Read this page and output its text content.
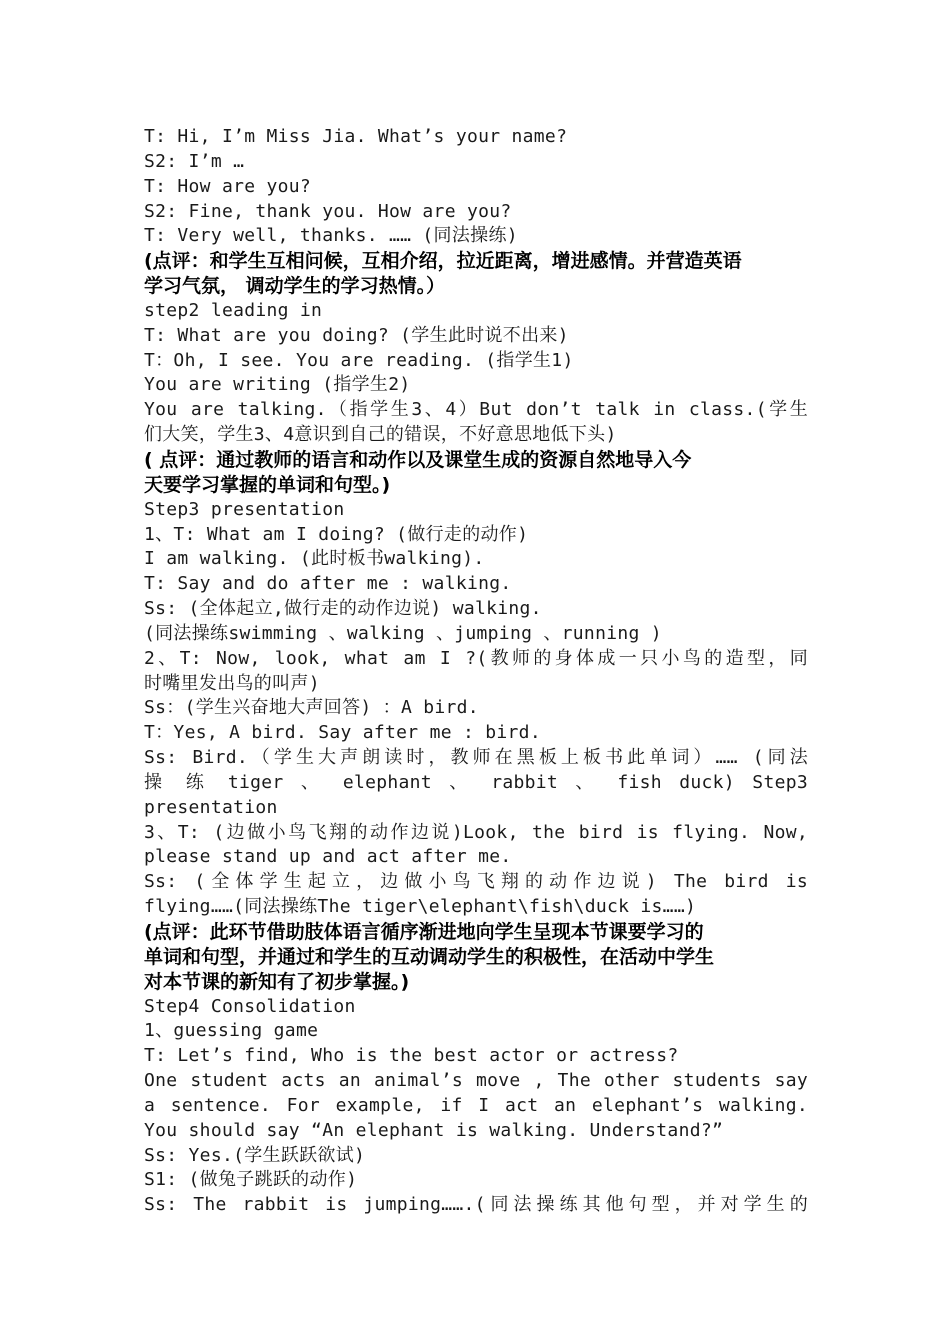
T: Hi, I’m Miss Jia. What’s your name?
S2: I’m …
T: How are you?
S2: Fine, thank you. How are you?
T: Very well, thanks. …… (同法操练)
(点评：和学生互相问候，互相介绍，拉近距离，增进感情。并营造英语
学习气氛， 调动学生的学习热情。）
step2 leading in
T: What are you doing? (学生此时说不出来)
T：Oh, I see. You are reading. (指学生1)
You are writing (指学生2)
You are talking.（指学生3、4）But don’t talk in class.(学生
们大笑，学生3、4意识到自己的错误，不好意思地低下头)
( 点评：通过教师的语言和动作以及课堂生成的资源自然地导入今
天要学习掌握的单词和句型。)
Step3 presentation
1、T: What am I doing? (做行走的动作)
I am walking. (此时板书walking).
T: Say and do after me : walking.
Ss: (全体起立,做行走的动作边说) walking.
(同法操练swimming 、walking 、jumping 、running )
2、T: Now, look, what am I ?(教师的身体成一只小鸟的造型，同
时嘴里发出鸟的叫声)
Ss：(学生兴奋地大声回答) ：A bird.
T：Yes, A bird. Say after me : bird.
Ss: Bird.（学生大声朗读时，教师在黑板上板书此单词）…… (同法
操 练 tiger 、 elephant 、 rabbit 、 fish duck) Step3
presentation
3、T: (边做小鸟飞翔的动作边说)Look, the bird is flying. Now,
please stand up and act after me.
Ss: (全体学生起立，边做小鸟飞翔的动作边说) The bird is
flying……(同法操练The tiger\elephant\fish\duck is……)
(点评：此环节借助肢体语言循序渐进地向学生呈现本节课要学习的
单词和句型，并通过和学生的互动调动学生的积极性，在活动中学生
对本节课的新知有了初步掌握。)
Step4 Consolidation
1、guessing game
T: Let’s find, Who is the best actor or actress?
One student acts an animal’s move , The other students say
a sentence. For example, if I act an elephant’s walking.
You should say “An elephant is walking. Understand?”
Ss: Yes.(学生跃跃欲试)
S1: (做兔子跳跃的动作)
Ss: The rabbit is jumping…….(同法操练其他句型，并对学生的
